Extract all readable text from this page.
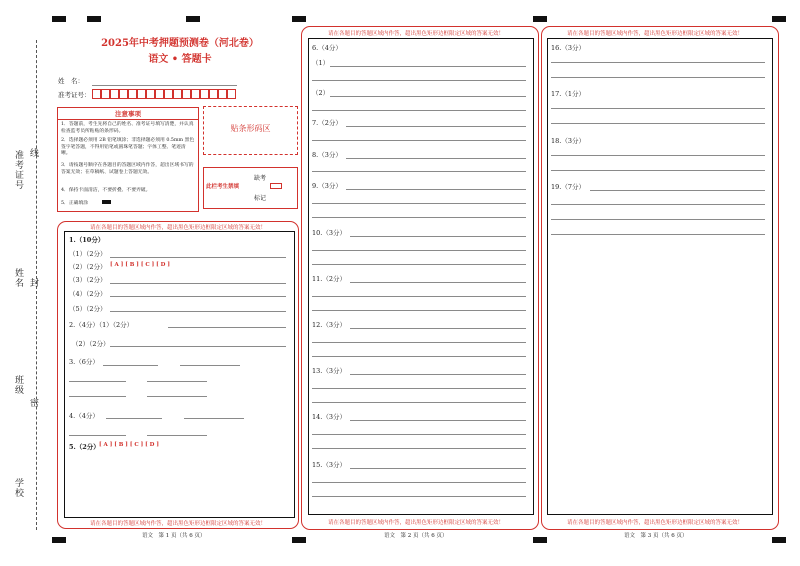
准考证号 线
姓名 封
班级
密
学校
2025年中考押题预测卷（河北卷）
语文 • 答题卡
姓　名：
准考证号：
注意事项
1．答题前，考生先将自己的姓名、准考证号填写清楚，并认真检查监考员所粘贴的条形码。
2．选择题必须用 2B 铅笔填涂；非选择题必须用 0.5mm 黑色签字笔答题，不得用铅笔或圆珠笔答题；字体工整、笔迹清晰。
3．请按题号顺序在各题目的答题区域内作答，超出区域书写的答案无效；在草稿纸、试题卷上答题无效。
4．保持卡面清洁，不要折叠、不要弄破。
5．正确填涂
贴条形码区
此栏考生禁填
缺考
标记
请在各题目的答题区域内作答，超出黑色矩形边框限定区域的答案无效！
请在各题目的答题区域内作答，超出黑色矩形边框限定区域的答案无效！
1.（10分）
（1）（2分）
（2）（2分） [ A ] [ B ] [ C ] [ D ]
（3）（2分）
（4）（2分）
（5）（2分）
2.（4分）（1）（2分）
（2）（2分）
3.（6分）
4.（4分）
5.（2分） [ A ] [ B ] [ C ] [ D ]
请在各题目的答题区域内作答，超出黑色矩形边框限定区域的答案无效！
请在各题目的答题区域内作答，超出黑色矩形边框限定区域的答案无效！
6.（4分）
（1）
（2）
7.（2分）
8.（3分）
9.（3分）
10.（3分）
11.（2分）
12.（3分）
13.（3分）
14.（3分）
15.（3分）
请在各题目的答题区域内作答，超出黑色矩形边框限定区域的答案无效！
请在各题目的答题区域内作答，超出黑色矩形边框限定区域的答案无效！
16.（3分）
17.（1分）
18.（3分）
19.（7分）
语文　第 1 页（共 6 页）	语文　第 2 页（共 6 页）	语文　第 3 页（共 6 页）
